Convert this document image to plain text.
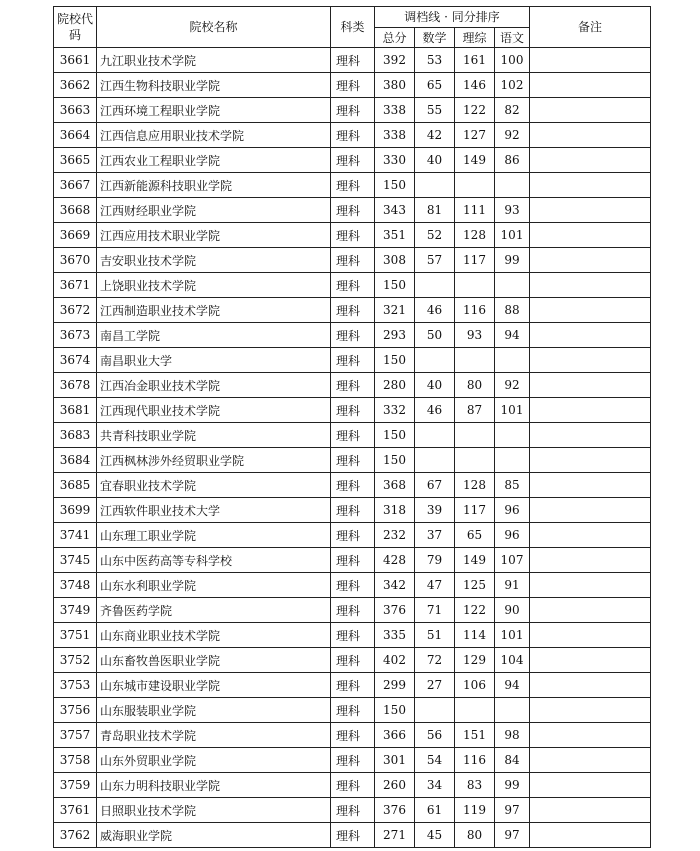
院校代码	院校名称	科类	调档线 · 同分排序				备注
			总分	数学	理综	语文	
3661	九江职业技术学院	理科	392	53	161	100	
3662	江西生物科技职业学院	理科	380	65	146	102	
3663	江西环境工程职业学院	理科	338	55	122	82	
3664	江西信息应用职业技术学院	理科	338	42	127	92	
3665	江西农业工程职业学院	理科	330	40	149	86	
3667	江西新能源科技职业学院	理科	150				
3668	江西财经职业学院	理科	343	81	111	93	
3669	江西应用技术职业学院	理科	351	52	128	101	
3670	吉安职业技术学院	理科	308	57	117	99	
3671	上饶职业技术学院	理科	150				
3672	江西制造职业技术学院	理科	321	46	116	88	
3673	南昌工学院	理科	293	50	93	94	
3674	南昌职业大学	理科	150				
3678	江西冶金职业技术学院	理科	280	40	80	92	
3681	江西现代职业技术学院	理科	332	46	87	101	
3683	共青科技职业学院	理科	150				
3684	江西枫林涉外经贸职业学院	理科	150				
3685	宜春职业技术学院	理科	368	67	128	85	
3699	江西软件职业技术大学	理科	318	39	117	96	
3741	山东理工职业学院	理科	232	37	65	96	
3745	山东中医药高等专科学校	理科	428	79	149	107	
3748	山东水利职业学院	理科	342	47	125	91	
3749	齐鲁医药学院	理科	376	71	122	90	
3751	山东商业职业技术学院	理科	335	51	114	101	
3752	山东畜牧兽医职业学院	理科	402	72	129	104	
3753	山东城市建设职业学院	理科	299	27	106	94	
3756	山东服装职业学院	理科	150				
3757	青岛职业技术学院	理科	366	56	151	98	
3758	山东外贸职业学院	理科	301	54	116	84	
3759	山东力明科技职业学院	理科	260	34	83	99	
3761	日照职业技术学院	理科	376	61	119	97	
3762	威海职业学院	理科	271	45	80	97	
